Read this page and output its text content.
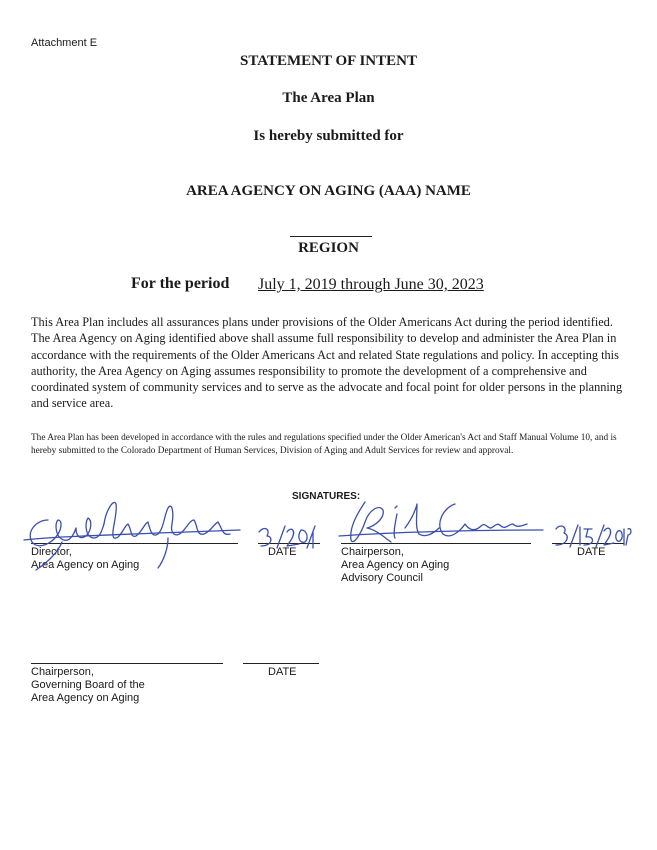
Attachment E
STATEMENT OF INTENT
The Area Plan
Is hereby submitted for
AREA AGENCY ON AGING (AAA) NAME
REGION
For the period July 1, 2019 through June 30, 2023
This Area Plan includes all assurances plans under provisions of the Older Americans Act during the period identified. The Area Agency on Aging identified above shall assume full responsibility to develop and administer the Area Plan in accordance with the requirements of the Older Americans Act and related State regulations and policy. In accepting this authority, the Area Agency on Aging assumes responsibility to promote the development of a comprehensive and coordinated system of community services and to serve as the advocate and focal point for older persons in the planning and service area.
The Area Plan has been developed in accordance with the rules and regulations specified under the Older American's Act and Staff Manual Volume 10, and is hereby submitted to the Colorado Department of Human Services, Division of Aging and Adult Services for review and approval.
SIGNATURES:
Director,
Area Agency on Aging
DATE	Chairperson,
Area Agency on Aging
Advisory Council
DATE
Chairperson,
Governing Board of the
Area Agency on Aging
DATE
